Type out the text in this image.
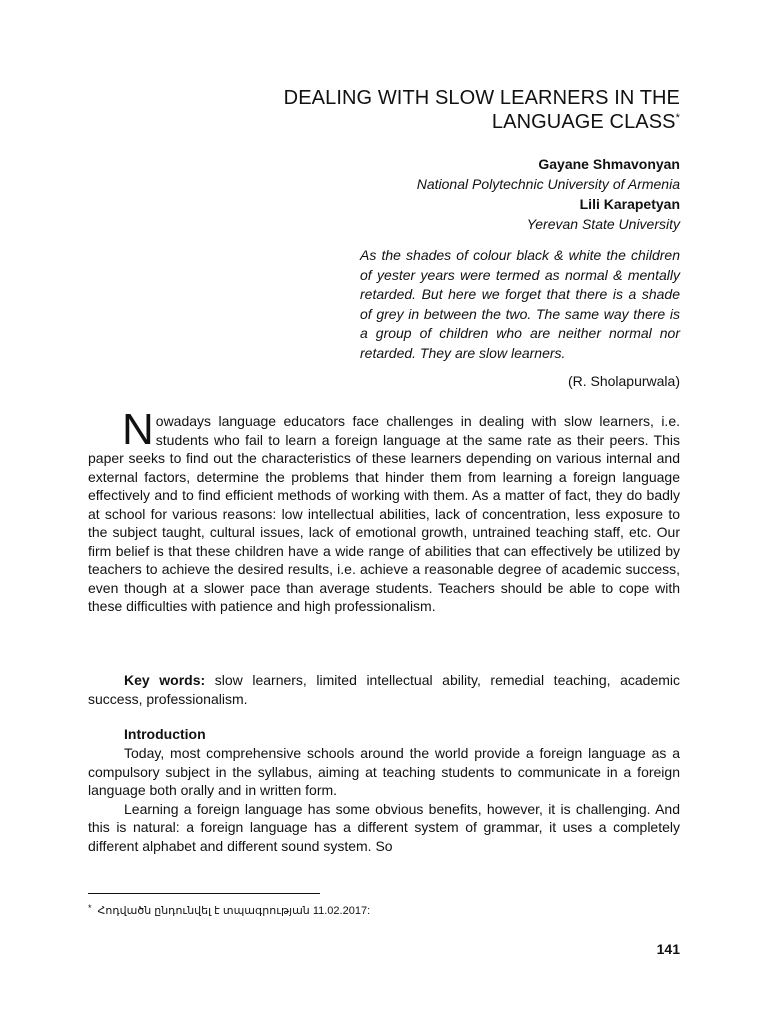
DEALING WITH SLOW LEARNERS IN THE
LANGUAGE CLASS*
Gayane Shmavonyan
National Polytechnic University of Armenia
Lili Karapetyan
Yerevan State University
As the shades of colour black & white the children of yester years were termed as normal & mentally retarded. But here we forget that there is a shade of grey in between the two. The same way there is a group of children who are neither normal nor retarded. They are slow learners.
(R. Sholapurwala)
Nowadays language educators face challenges in dealing with slow learners, i.e. students who fail to learn a foreign language at the same rate as their peers. This paper seeks to find out the characteristics of these learners depending on various internal and external factors, determine the problems that hinder them from learning a foreign language effectively and to find efficient methods of working with them. As a matter of fact, they do badly at school for various reasons: low intellectual abilities, lack of concentration, less exposure to the subject taught, cultural issues, lack of emotional growth, untrained teaching staff, etc. Our firm belief is that these children have a wide range of abilities that can effectively be utilized by teachers to achieve the desired results, i.e. achieve a reasonable degree of academic success, even though at a slower pace than average students. Teachers should be able to cope with these difficulties with patience and high professionalism.
Key words: slow learners, limited intellectual ability, remedial teaching, academic success, professionalism.
Introduction

Today, most comprehensive schools around the world provide a foreign language as a compulsory subject in the syllabus, aiming at teaching students to communicate in a foreign language both orally and in written form.

Learning a foreign language has some obvious benefits, however, it is challenging. And this is natural: a foreign language has a different system of grammar, it uses a completely different alphabet and different sound system. So

* Հոդվածն ընդունվել է տպագրության 11.02.2017:
141
